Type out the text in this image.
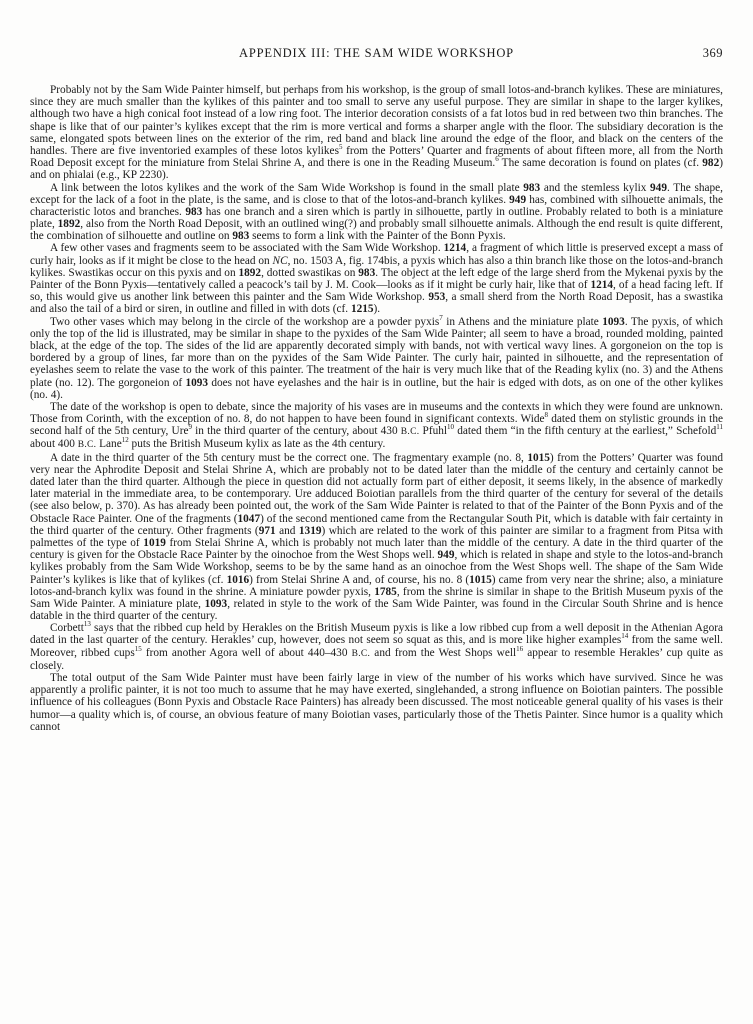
APPENDIX III: THE SAM WIDE WORKSHOP	369

Probably not by the Sam Wide Painter himself, but perhaps from his workshop, is the group of small lotos-and-branch kylikes. These are miniatures, since they are much smaller than the kylikes of this painter and too small to serve any useful purpose. They are similar in shape to the larger kylikes, although two have a high conical foot instead of a low ring foot. The interior decoration consists of a fat lotos bud in red between two thin branches. The shape is like that of our painter’s kylikes except that the rim is more vertical and forms a sharper angle with the floor. The subsidiary decoration is the same, elongated spots between lines on the exterior of the rim, red band and black line around the edge of the floor, and black on the centers of the handles. There are five inventoried examples of these lotos kylikes$^5$ from the Potters’ Quarter and fragments of about fifteen more, all from the North Road Deposit except for the miniature from Stelai Shrine A, and there is one in the Reading Museum.$^6$ The same decoration is found on plates (cf. 982) and on phialai (e.g., KP 2230).

A link between the lotos kylikes and the work of the Sam Wide Workshop is found in the small plate 983 and the stemless kylix 949. The shape, except for the lack of a foot in the plate, is the same, and is close to that of the lotos-and-branch kylikes. 949 has, combined with silhouette animals, the characteristic lotos and branches. 983 has one branch and a siren which is partly in silhouette, partly in outline. Probably related to both is a miniature plate, 1892, also from the North Road Deposit, with an outlined wing(?) and probably small silhouette animals. Although the end result is quite different, the combination of silhouette and outline on 983 seems to form a link with the Painter of the Bonn Pyxis.

A few other vases and fragments seem to be associated with the Sam Wide Workshop. 1214, a fragment of which little is preserved except a mass of curly hair, looks as if it might be close to the head on NC, no. 1503 A, fig. 174bis, a pyxis which has also a thin branch like those on the lotos-and-branch kylikes. Swastikas occur on this pyxis and on 1892, dotted swastikas on 983. The object at the left edge of the large sherd from the Mykenai pyxis by the Painter of the Bonn Pyxis—tentatively called a peacock’s tail by J. M. Cook—looks as if it might be curly hair, like that of 1214, of a head facing left. If so, this would give us another link between this painter and the Sam Wide Workshop. 953, a small sherd from the North Road Deposit, has a swastika and also the tail of a bird or siren, in outline and filled in with dots (cf. 1215).

Two other vases which may belong in the circle of the workshop are a powder pyxis$^7$ in Athens and the miniature plate 1093. The pyxis, of which only the top of the lid is illustrated, may be similar in shape to the pyxides of the Sam Wide Painter; all seem to have a broad, rounded molding, painted black, at the edge of the top. The sides of the lid are apparently decorated simply with bands, not with vertical wavy lines. A gorgoneion on the top is bordered by a group of lines, far more than on the pyxides of the Sam Wide Painter. The curly hair, painted in silhouette, and the representation of eyelashes seem to relate the vase to the work of this painter. The treatment of the hair is very much like that of the Reading kylix (no. 3) and the Athens plate (no. 12). The gorgoneion of 1093 does not have eyelashes and the hair is in outline, but the hair is edged with dots, as on one of the other kylikes (no. 4).

The date of the workshop is open to debate, since the majority of his vases are in museums and the contexts in which they were found are unknown. Those from Corinth, with the exception of no. 8, do not happen to have been found in significant contexts. Wide$^8$ dated them on stylistic grounds in the second half of the 5th century, Ure$^9$ in the third quarter of the century, about 430 B.C. Pfuhl$^{10}$ dated them “in the fifth century at the earliest,” Schefold$^{11}$ about 400 B.C. Lane$^{12}$ puts the British Museum kylix as late as the 4th century.

A date in the third quarter of the 5th century must be the correct one. The fragmentary example (no. 8, 1015) from the Potters’ Quarter was found very near the Aphrodite Deposit and Stelai Shrine A, which are probably not to be dated later than the middle of the century and certainly cannot be dated later than the third quarter. Although the piece in question did not actually form part of either deposit, it seems likely, in the absence of markedly later material in the immediate area, to be contemporary. Ure adduced Boiotian parallels from the third quarter of the century for several of the details (see also below, p. 370). As has already been pointed out, the work of the Sam Wide Painter is related to that of the Painter of the Bonn Pyxis and of the Obstacle Race Painter. One of the fragments (1047) of the second mentioned came from the Rectangular South Pit, which is datable with fair certainty in the third quarter of the century. Other fragments (971 and 1319) which are related to the work of this painter are similar to a fragment from Pitsa with palmettes of the type of 1019 from Stelai Shrine A, which is probably not much later than the middle of the century. A date in the third quarter of the century is given for the Obstacle Race Painter by the oinochoe from the West Shops well. 949, which is related in shape and style to the lotos-and-branch kylikes probably from the Sam Wide Workshop, seems to be by the same hand as an oinochoe from the West Shops well. The shape of the Sam Wide Painter’s kylikes is like that of kylikes (cf. 1016) from Stelai Shrine A and, of course, his no. 8 (1015) came from very near the shrine; also, a miniature lotos-and-branch kylix was found in the shrine. A miniature powder pyxis, 1785, from the shrine is similar in shape to the British Museum pyxis of the Sam Wide Painter. A miniature plate, 1093, related in style to the work of the Sam Wide Painter, was found in the Circular South Shrine and is hence datable in the third quarter of the century.

Corbett$^{13}$ says that the ribbed cup held by Herakles on the British Museum pyxis is like a low ribbed cup from a well deposit in the Athenian Agora dated in the last quarter of the century. Herakles’ cup, however, does not seem so squat as this, and is more like higher examples$^{14}$ from the same well. Moreover, ribbed cups$^{15}$ from another Agora well of about 440–430 B.C. and from the West Shops well$^{16}$ appear to resemble Herakles’ cup quite as closely.

The total output of the Sam Wide Painter must have been fairly large in view of the number of his works which have survived. Since he was apparently a prolific painter, it is not too much to assume that he may have exerted, singlehanded, a strong influence on Boiotian painters. The possible influence of his colleagues (Bonn Pyxis and Obstacle Race Painters) has already been discussed. The most noticeable general quality of his vases is their humor—a quality which is, of course, an obvious feature of many Boiotian vases, particularly those of the Thetis Painter. Since humor is a quality which cannot
